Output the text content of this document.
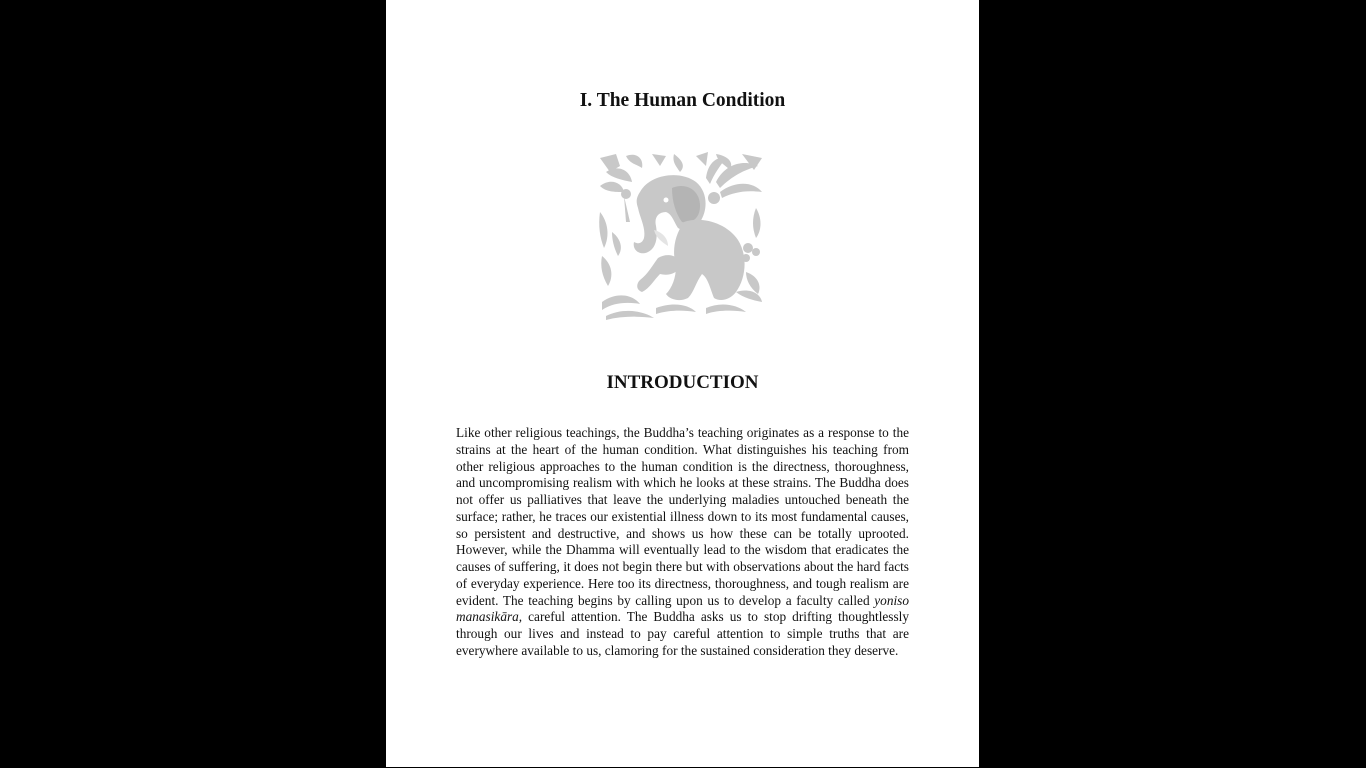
I. The Human Condition
INTRODUCTION

Like other religious teachings, the Buddha’s teaching originates as a response to the strains at the heart of the human condition. What distinguishes his teaching from other religious approaches to the human condition is the directness, thoroughness, and uncompromising realism with which he looks at these strains. The Buddha does not offer us palliatives that leave the underlying maladies untouched beneath the surface; rather, he traces our existential illness down to its most fundamental causes, so persistent and destructive, and shows us how these can be totally uprooted. However, while the Dhamma will eventually lead to the wisdom that eradicates the causes of suffering, it does not begin there but with observations about the hard facts of everyday experience. Here too its directness, thoroughness, and tough realism are evident. The teaching begins by calling upon us to develop a faculty called yoniso manasikāra, careful attention. The Buddha asks us to stop drifting thoughtlessly through our lives and instead to pay careful attention to simple truths that are everywhere available to us, clamoring for the sustained consideration they deserve.
